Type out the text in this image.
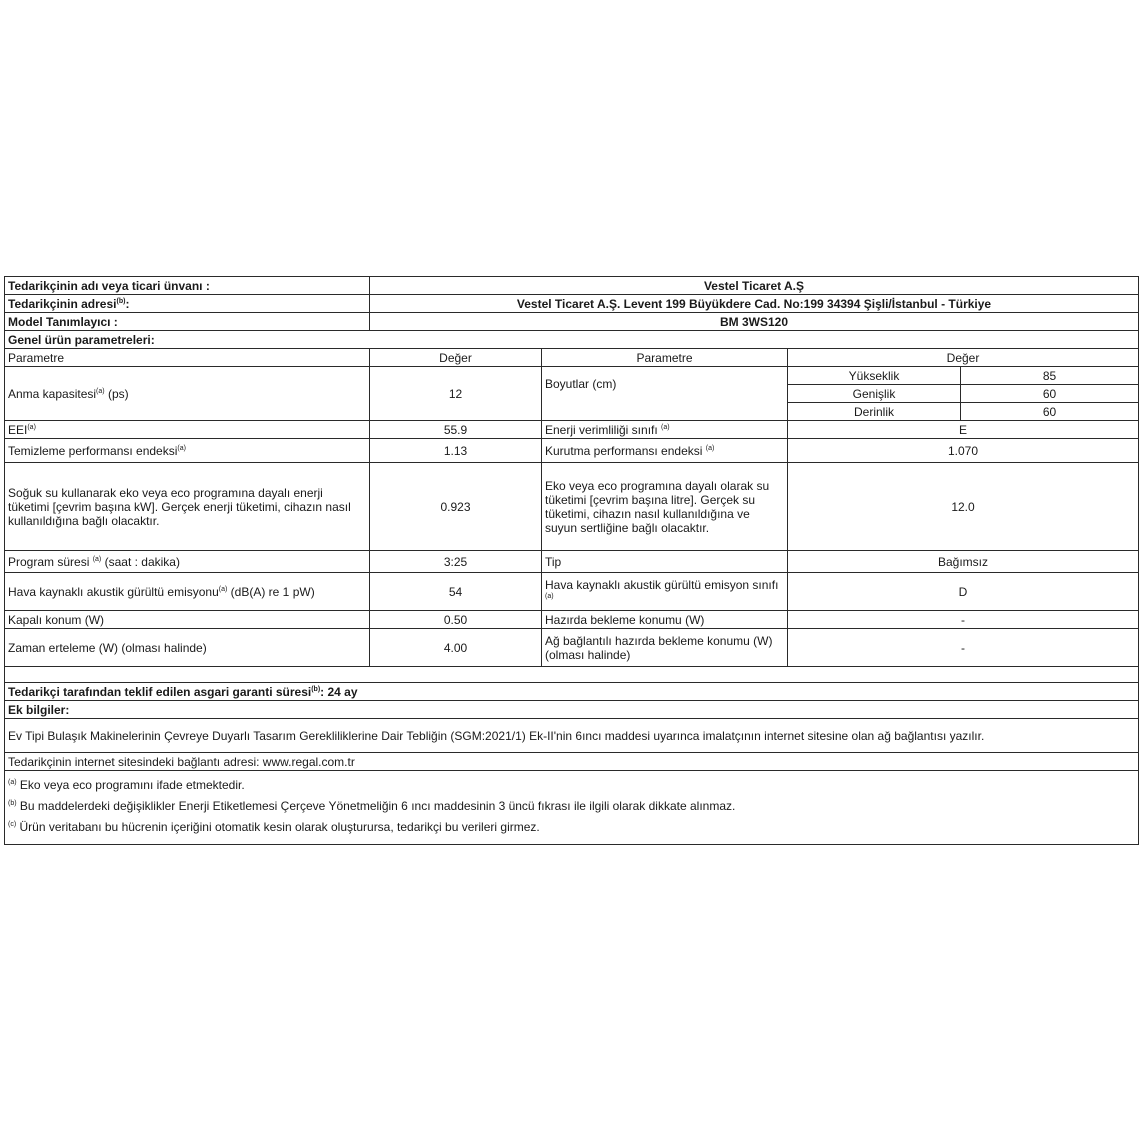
Tedarikçinin adı veya ticari ünvanı :	Vestel Ticaret A.Ş			
Tedarikçinin adresi$^{(b)}$:	Vestel Ticaret A.Ş. Levent 199 Büyükdere Cad. No:199 34394 Şişli/İstanbul - Türkiye			
Model Tanımlayıcı :	BM 3WS120			
Genel ürün parametreleri:				
Parametre	Değer	Parametre	Değer	
Anma kapasitesi$^{(a)}$ (ps)	12	Boyutlar (cm)	Yükseklik	85
			Genişlik	60
			Derinlik	60
EEI$^{(a)}$	55.9	Enerji verimliliği sınıfı $^{(a)}$	E	
Temizleme performansı endeksi$^{(a)}$	1.13	Kurutma performansı endeksi $^{(a)}$	1.070	
Soğuk su kullanarak eko veya eco programına dayalı enerji tüketimi [çevrim başına kW]. Gerçek enerji tüketimi, cihazın nasıl kullanıldığına bağlı olacaktır.	0.923	Eko veya eco programına dayalı olarak su tüketimi [çevrim başına litre]. Gerçek su tüketimi, cihazın nasıl kullanıldığına ve suyun sertliğine bağlı olacaktır.	12.0	
Program süresi $^{(a)}$ (saat : dakika)	3:25	Tip	Bağımsız	
Hava kaynaklı akustik gürültü emisyonu$^{(a)}$ (dB(A) re 1 pW)	54	Hava kaynaklı akustik gürültü emisyon sınıfı $^{(a)}$	D	
Kapalı konum (W)	0.50	Hazırda bekleme konumu (W)	-	
Zaman erteleme (W) (olması halinde)	4.00	Ağ bağlantılı hazırda bekleme konumu (W) (olması halinde)	-	

Tedarikçi tarafından teklif edilen asgari garanti süresi$^{(b)}$: 24 ay				
Ek bilgiler:				
Ev Tipi Bulaşık Makinelerinin Çevreye Duyarlı Tasarım Gerekliliklerine Dair Tebliğin (SGM:2021/1) Ek-II'nin 6ıncı maddesi uyarınca imalatçının internet sitesine olan ağ bağlantısı yazılır.				
Tedarikçinin internet sitesindeki bağlantı adresi: www.regal.com.tr				

$^{(a)}$ Eko veya eco programını ifade etmektedir.
$^{(b)}$ Bu maddelerdeki değişiklikler Enerji Etiketlemesi Çerçeve Yönetmeliğin 6 ıncı maddesinin 3 üncü fıkrası ile ilgili olarak dikkate alınmaz.
$^{(c)}$ Ürün veritabanı bu hücrenin içeriğini otomatik kesin olarak oluşturursa, tedarikçi bu verileri girmez.				
